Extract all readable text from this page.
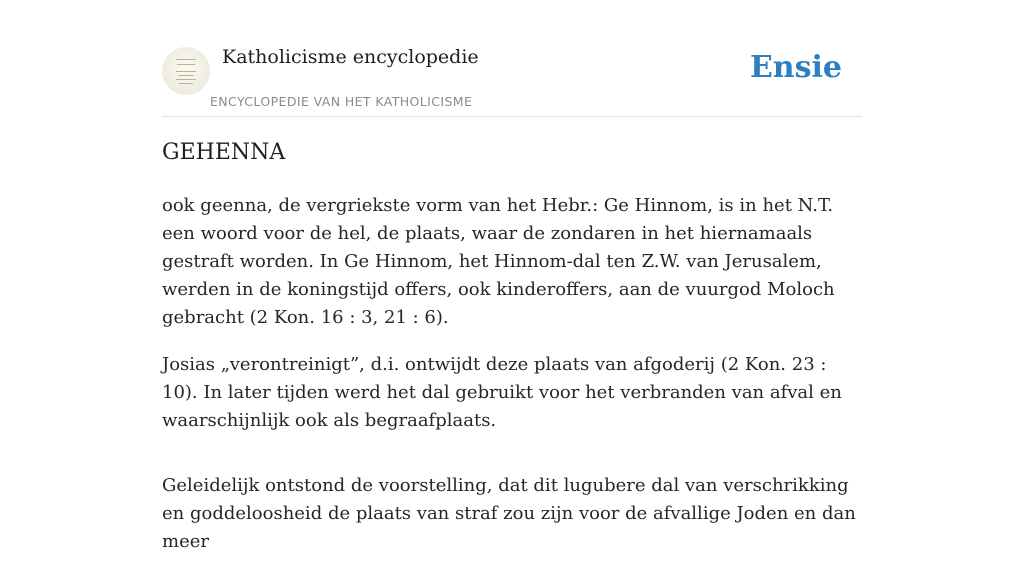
Katholicisme encyclopedie
ENCYCLOPEDIE VAN HET KATHOLICISME
Ensie
GEHENNA

ook geenna, de vergriekste vorm van het Hebr.: Ge Hinnom, is in het N.T. een woord voor de hel, de plaats, waar de zondaren in het hiernamaals gestraft worden. In Ge Hinnom, het Hinnom-dal ten Z.W. van Jerusalem, werden in de koningstijd offers, ook kinderoffers, aan de vuurgod Moloch gebracht (2 Kon. 16 : 3, 21 : 6).

Josias „verontreinigt”, d.i. ontwijdt deze plaats van afgoderij (2 Kon. 23 : 10). In later tijden werd het dal gebruikt voor het verbranden van afval en waarschijnlijk ook als begraafplaats.

Geleidelijk ontstond de voorstelling, dat dit lugubere dal van verschrikking en goddeloosheid de plaats van straf zou zijn voor de afvallige Joden en dan meer
